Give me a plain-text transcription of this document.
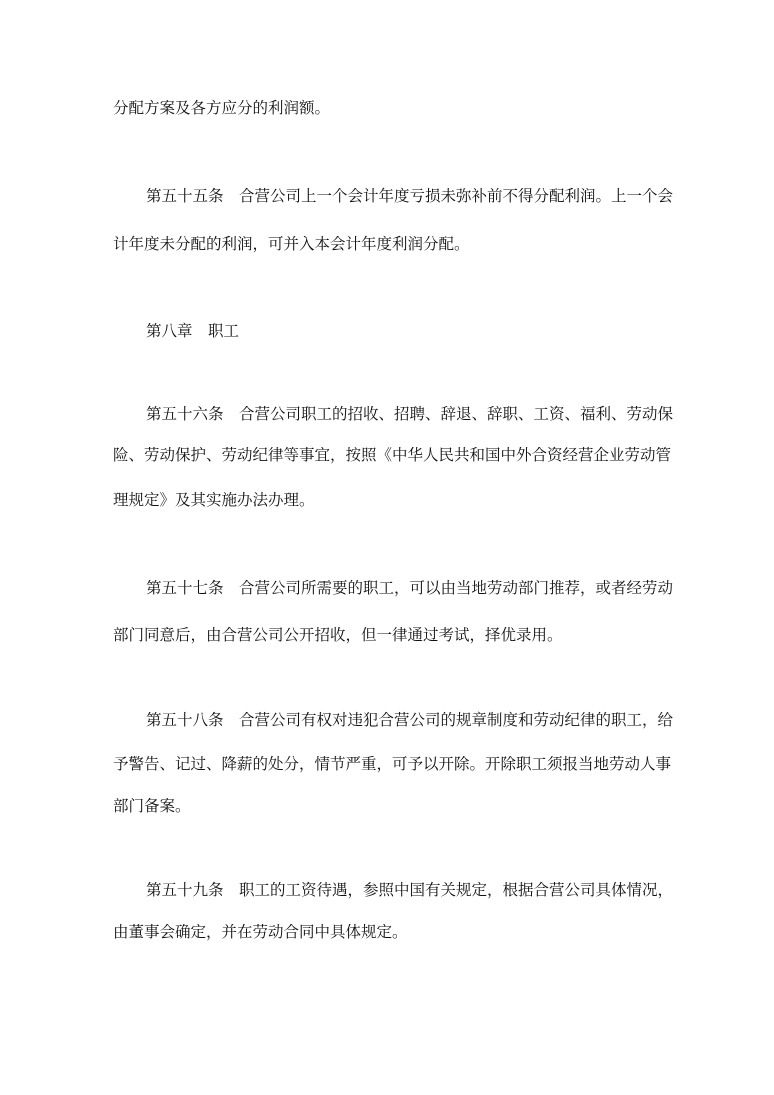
分配方案及各方应分的利润额。
第五十五条　合营公司上一个会计年度亏损未弥补前不得分配利润。上一个会
计年度未分配的利润，可并入本会计年度利润分配。
第八章　职工
第五十六条　合营公司职工的招收、招聘、辞退、辞职、工资、福利、劳动保
险、劳动保护、劳动纪律等事宜，按照《中华人民共和国中外合资经营企业劳动管
理规定》及其实施办法办理。
第五十七条　合营公司所需要的职工，可以由当地劳动部门推荐，或者经劳动
部门同意后，由合营公司公开招收，但一律通过考试，择优录用。
第五十八条　合营公司有权对违犯合营公司的规章制度和劳动纪律的职工，给
予警告、记过、降薪的处分，情节严重，可予以开除。开除职工须报当地劳动人事
部门备案。
第五十九条　职工的工资待遇，参照中国有关规定，根据合营公司具体情况，
由董事会确定，并在劳动合同中具体规定。
